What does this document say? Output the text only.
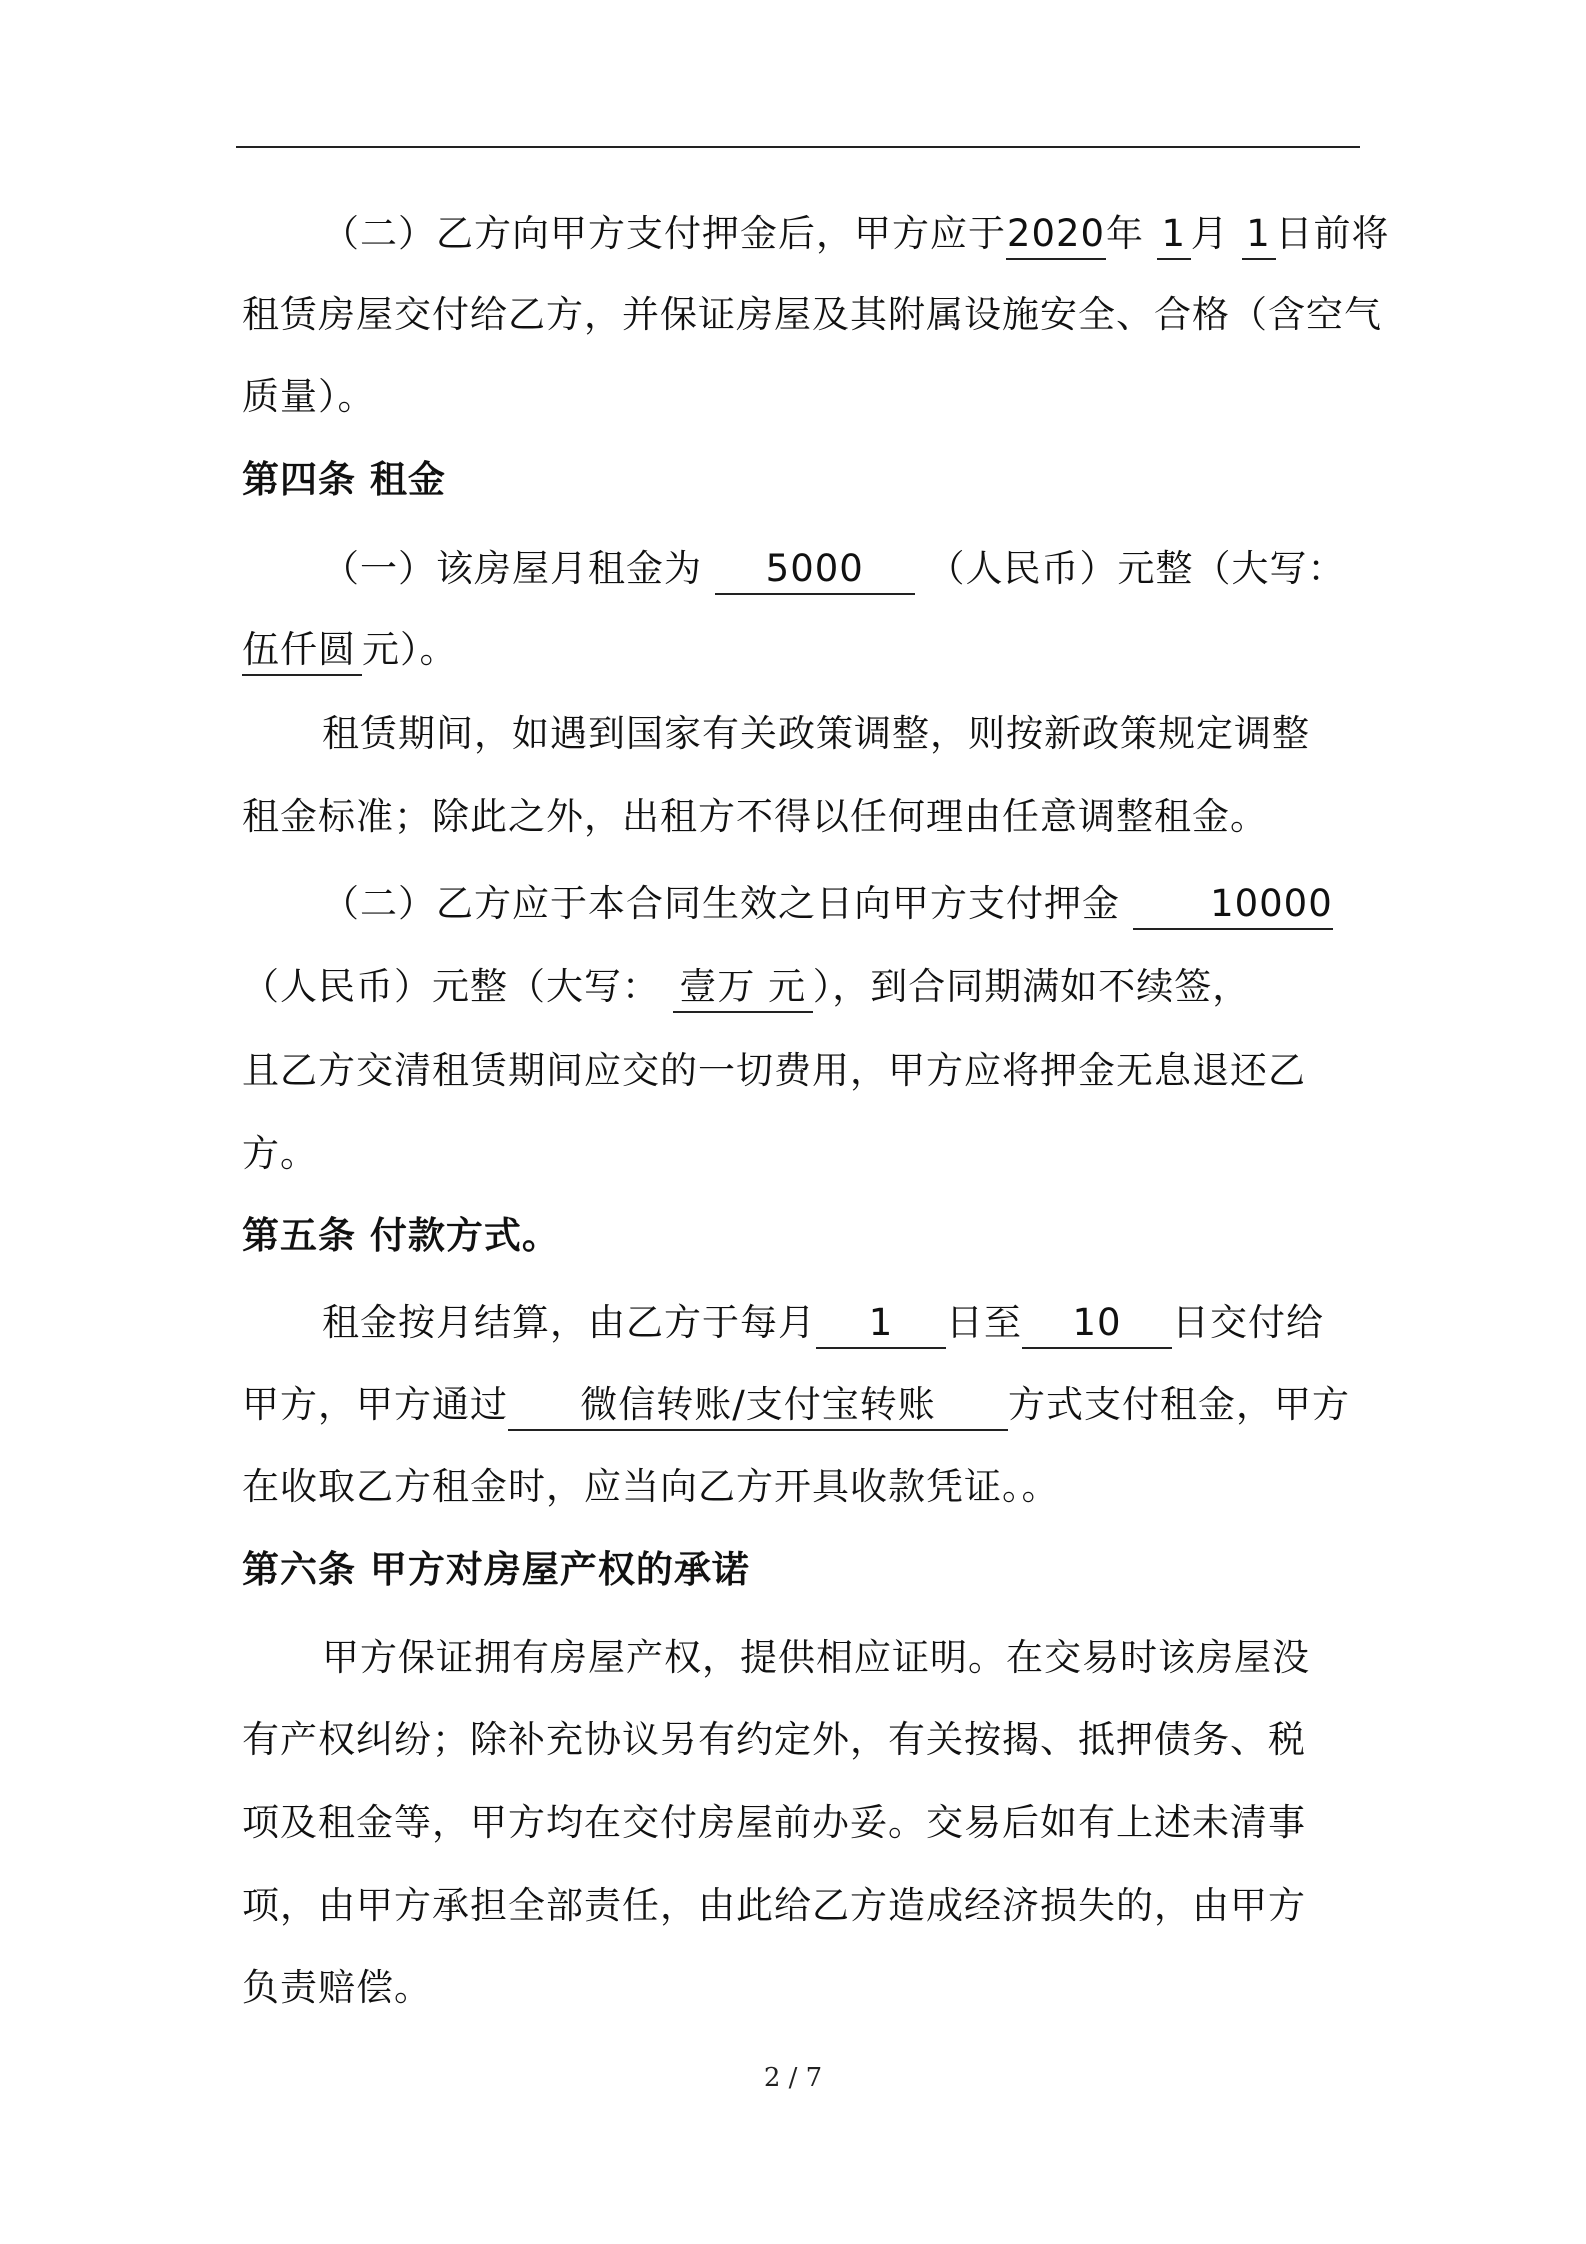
（二）乙方向甲方支付押金后，甲方应于2020年 1 月 1 日前将
租赁房屋交付给乙方，并保证房屋及其附属设施安全、合格（含空气
质量）。
第四条 租金
（一）该房屋月租金为 5000 （人民币）元整（大写：
伍仟圆 元）。
租赁期间，如遇到国家有关政策调整，则按新政策规定调整
租金标准；除此之外，出租方不得以任何理由任意调整租金。
（二）乙方应于本合同生效之日向甲方支付押金 10000
（人民币）元整（大写： 壹万 元 ），到合同期满如不续签，
且乙方交清租赁期间应交的一切费用，甲方应将押金无息退还乙
方。
第五条 付款方式。
租金按月结算，由乙方于每月 1 日至 10 日交付给
甲方，甲方通过 微信转账/支付宝转账 方式支付租金，甲方
在收取乙方租金时，应当向乙方开具收款凭证。。
第六条 甲方对房屋产权的承诺
甲方保证拥有房屋产权，提供相应证明。在交易时该房屋没
有产权纠纷；除补充协议另有约定外，有关按揭、抵押债务、税
项及租金等，甲方均在交付房屋前办妥。交易后如有上述未清事
项，由甲方承担全部责任，由此给乙方造成经济损失的，由甲方
负责赔偿。
2 / 7
